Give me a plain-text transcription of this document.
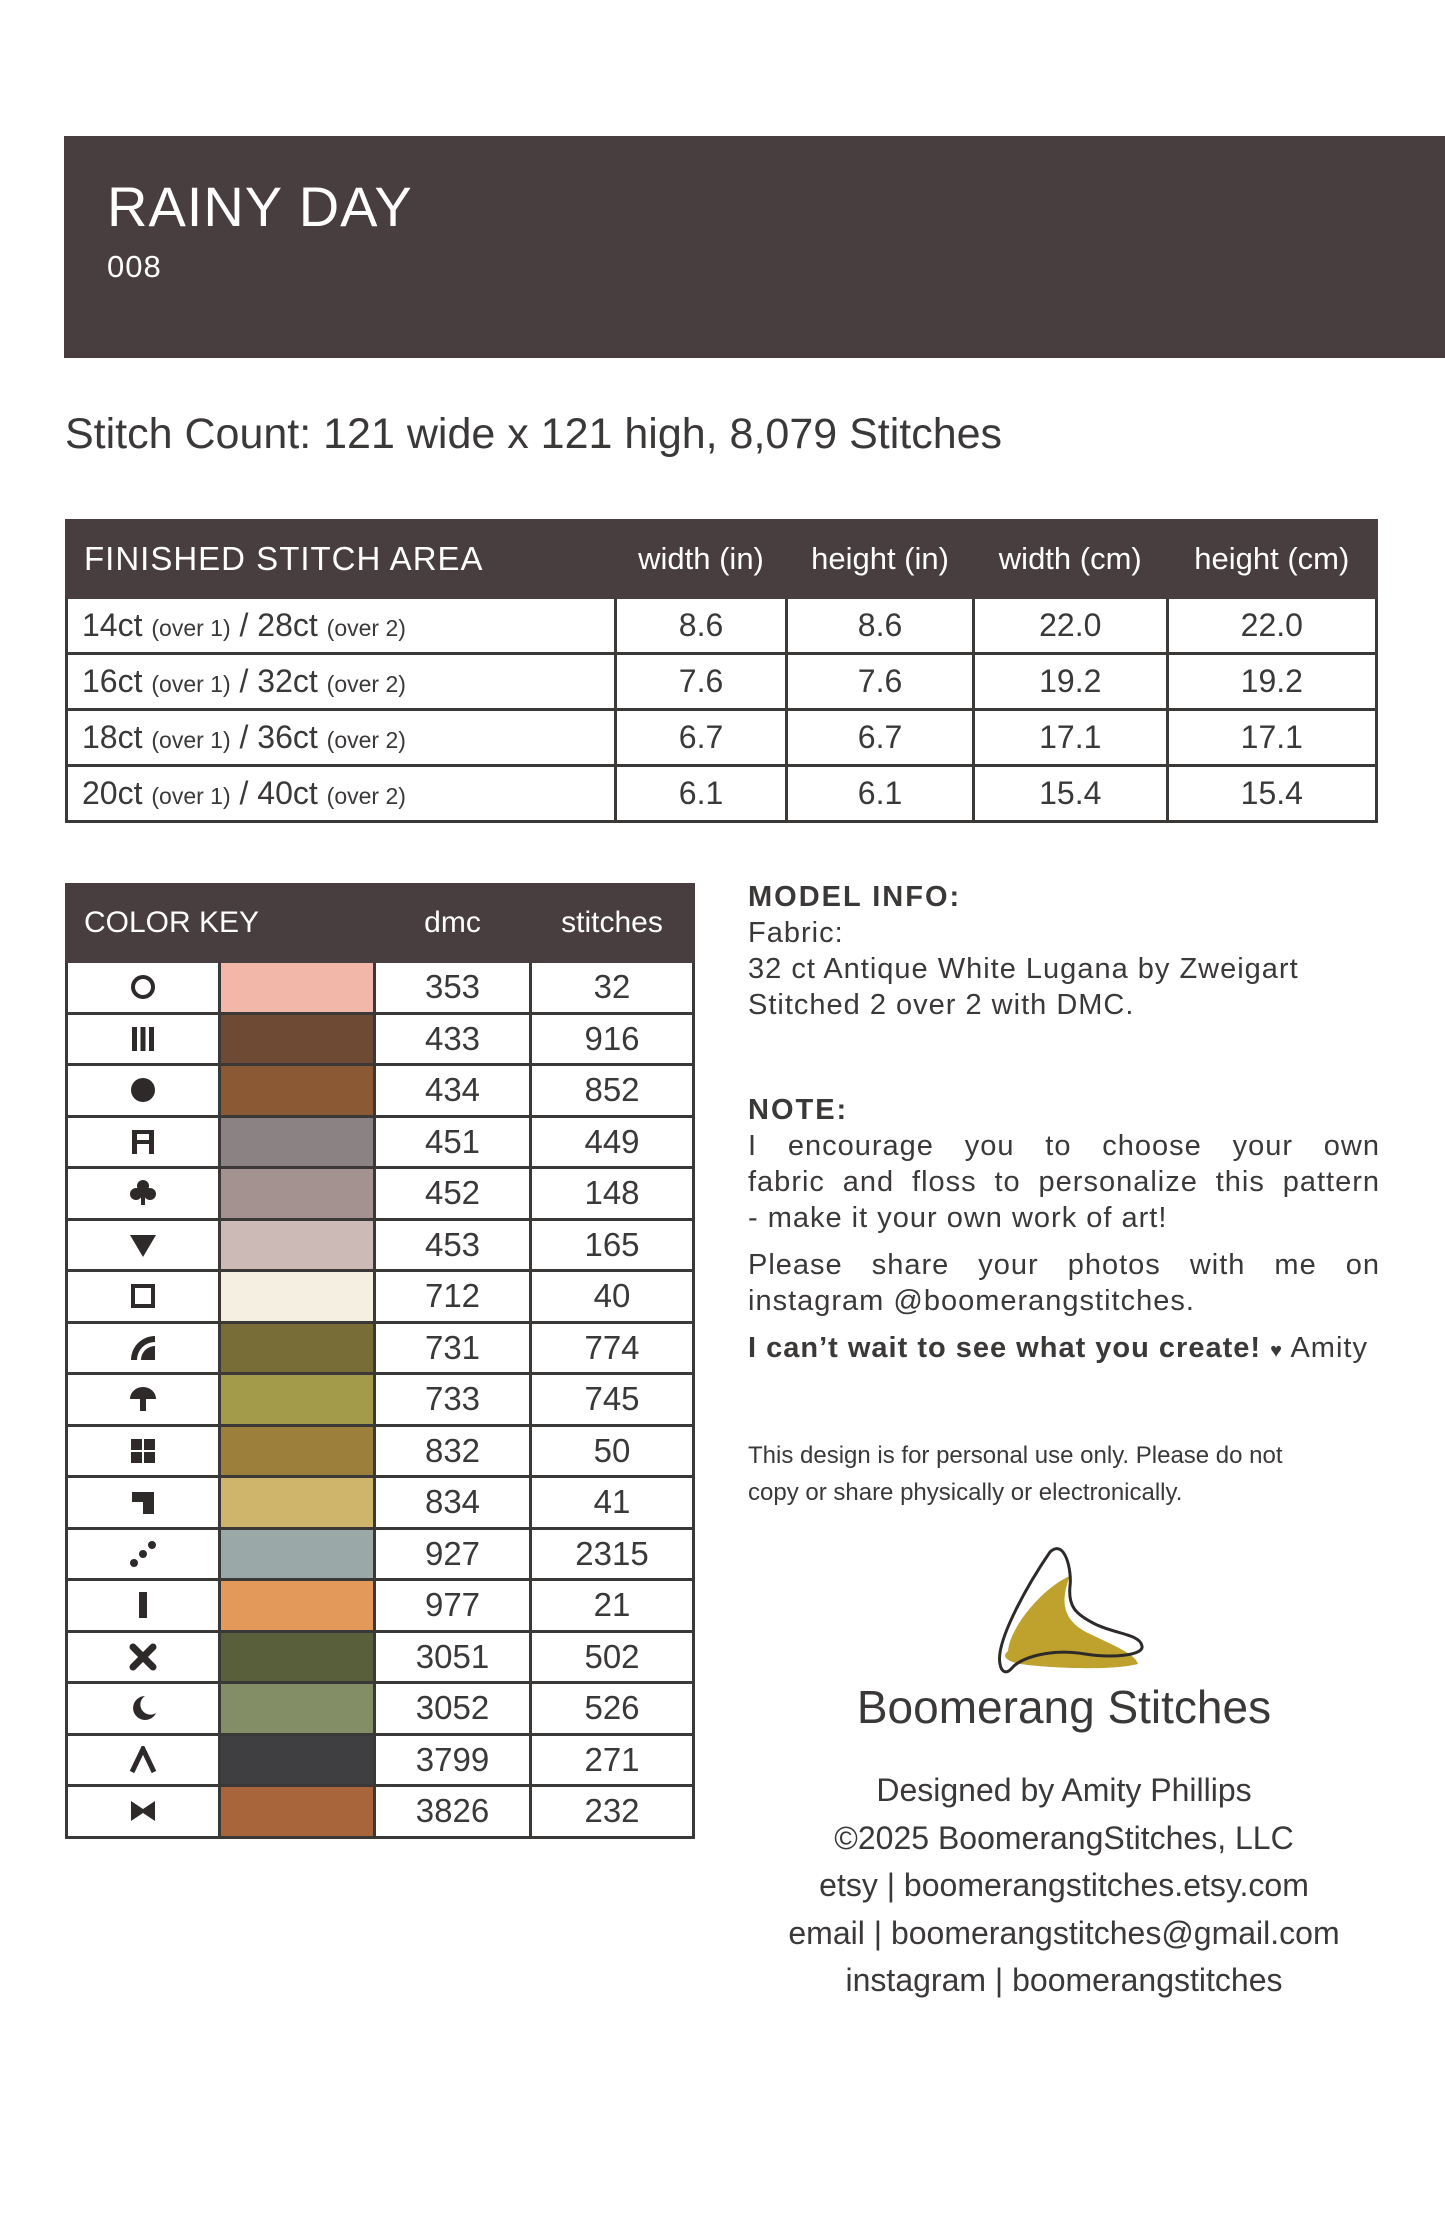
RAINY DAY
008
Stitch Count: 121 wide x 121 high, 8,079 Stitches
FINISHED STITCH AREA	width (in)	height (in)	width (cm)	height (cm)
14ct (over 1) / 28ct (over 2)	8.6	8.6	22.0	22.0
16ct (over 1) / 32ct (over 2)	7.6	7.6	19.2	19.2
18ct (over 1) / 36ct (over 2)	6.7	6.7	17.1	17.1
20ct (over 1) / 40ct (over 2)	6.1	6.1	15.4	15.4
COLOR KEY		dmc	stitches

		353	32

		433	916

		434	852

		451	449

		452	148

		453	165

		712	40

		731	774

		733	745

		832	50

		834	41

		927	2315

		977	21

		3051	502

		3052	526

		3799	271

		3826	232
MODEL INFO:
Fabric:
32 ct Antique White Lugana by Zweigart
Stitched 2 over 2 with DMC.
NOTE:
I encourage you to choose your own
fabric and floss to personalize this pattern
- make it your own work of art!
Please share your photos with me on
instagram @boomerangstitches.
I can’t wait to see what you create! ♥ Amity
This design is for personal use only. Please do not
copy or share physically or electronically.
Boomerang Stitches
Designed by Amity Phillips
©2025 BoomerangStitches, LLC
etsy | boomerangstitches.etsy.com
email | boomerangstitches@gmail.com
instagram | boomerangstitches
